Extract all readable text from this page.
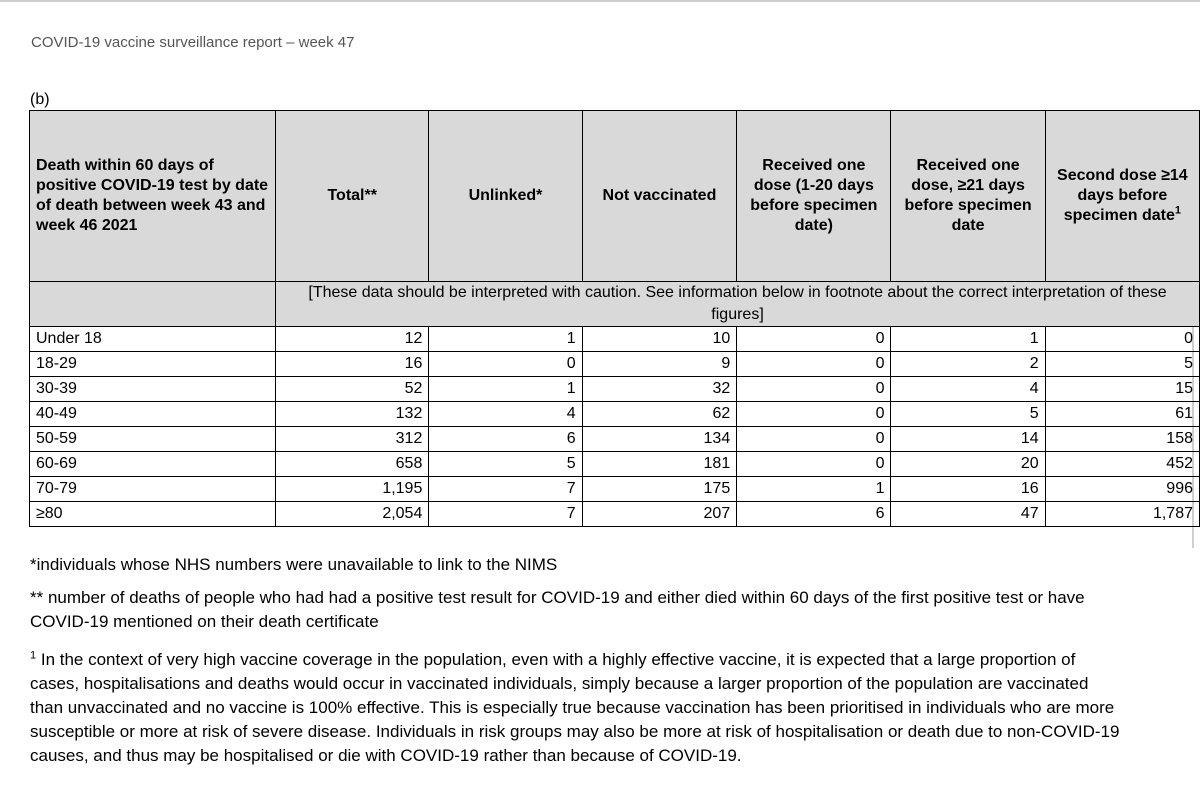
COVID-19 vaccine surveillance report – week 47
(b)
Death within 60 days of positive COVID-19 test by date of death between week 43 and week 46 2021	Total**	Unlinked*	Not vaccinated	Received one dose (1-20 days before specimen date)	Received one dose, ≥21 days before specimen date	Second dose ≥14 days before specimen date$^1$
	[These data should be interpreted with caution. See information below in footnote about the correct interpretation of these figures]					
Under 18	12	1	10	0	1	0
18-29	16	0	9	0	2	5
30-39	52	1	32	0	4	15
40-49	132	4	62	0	5	61
50-59	312	6	134	0	14	158
60-69	658	5	181	0	20	452
70-79	1,195	7	175	1	16	996
≥80	2,054	7	207	6	47	1,787
*individuals whose NHS numbers were unavailable to link to the NIMS
** number of deaths of people who had had a positive test result for COVID-19 and either died within 60 days of the first positive test or have COVID-19 mentioned on their death certificate
$^1$ In the context of very high vaccine coverage in the population, even with a highly effective vaccine, it is expected that a large proportion of cases, hospitalisations and deaths would occur in vaccinated individuals, simply because a larger proportion of the population are vaccinated than unvaccinated and no vaccine is 100% effective. This is especially true because vaccination has been prioritised in individuals who are more susceptible or more at risk of severe disease. Individuals in risk groups may also be more at risk of hospitalisation or death due to non-COVID-19 causes, and thus may be hospitalised or die with COVID-19 rather than because of COVID-19.
